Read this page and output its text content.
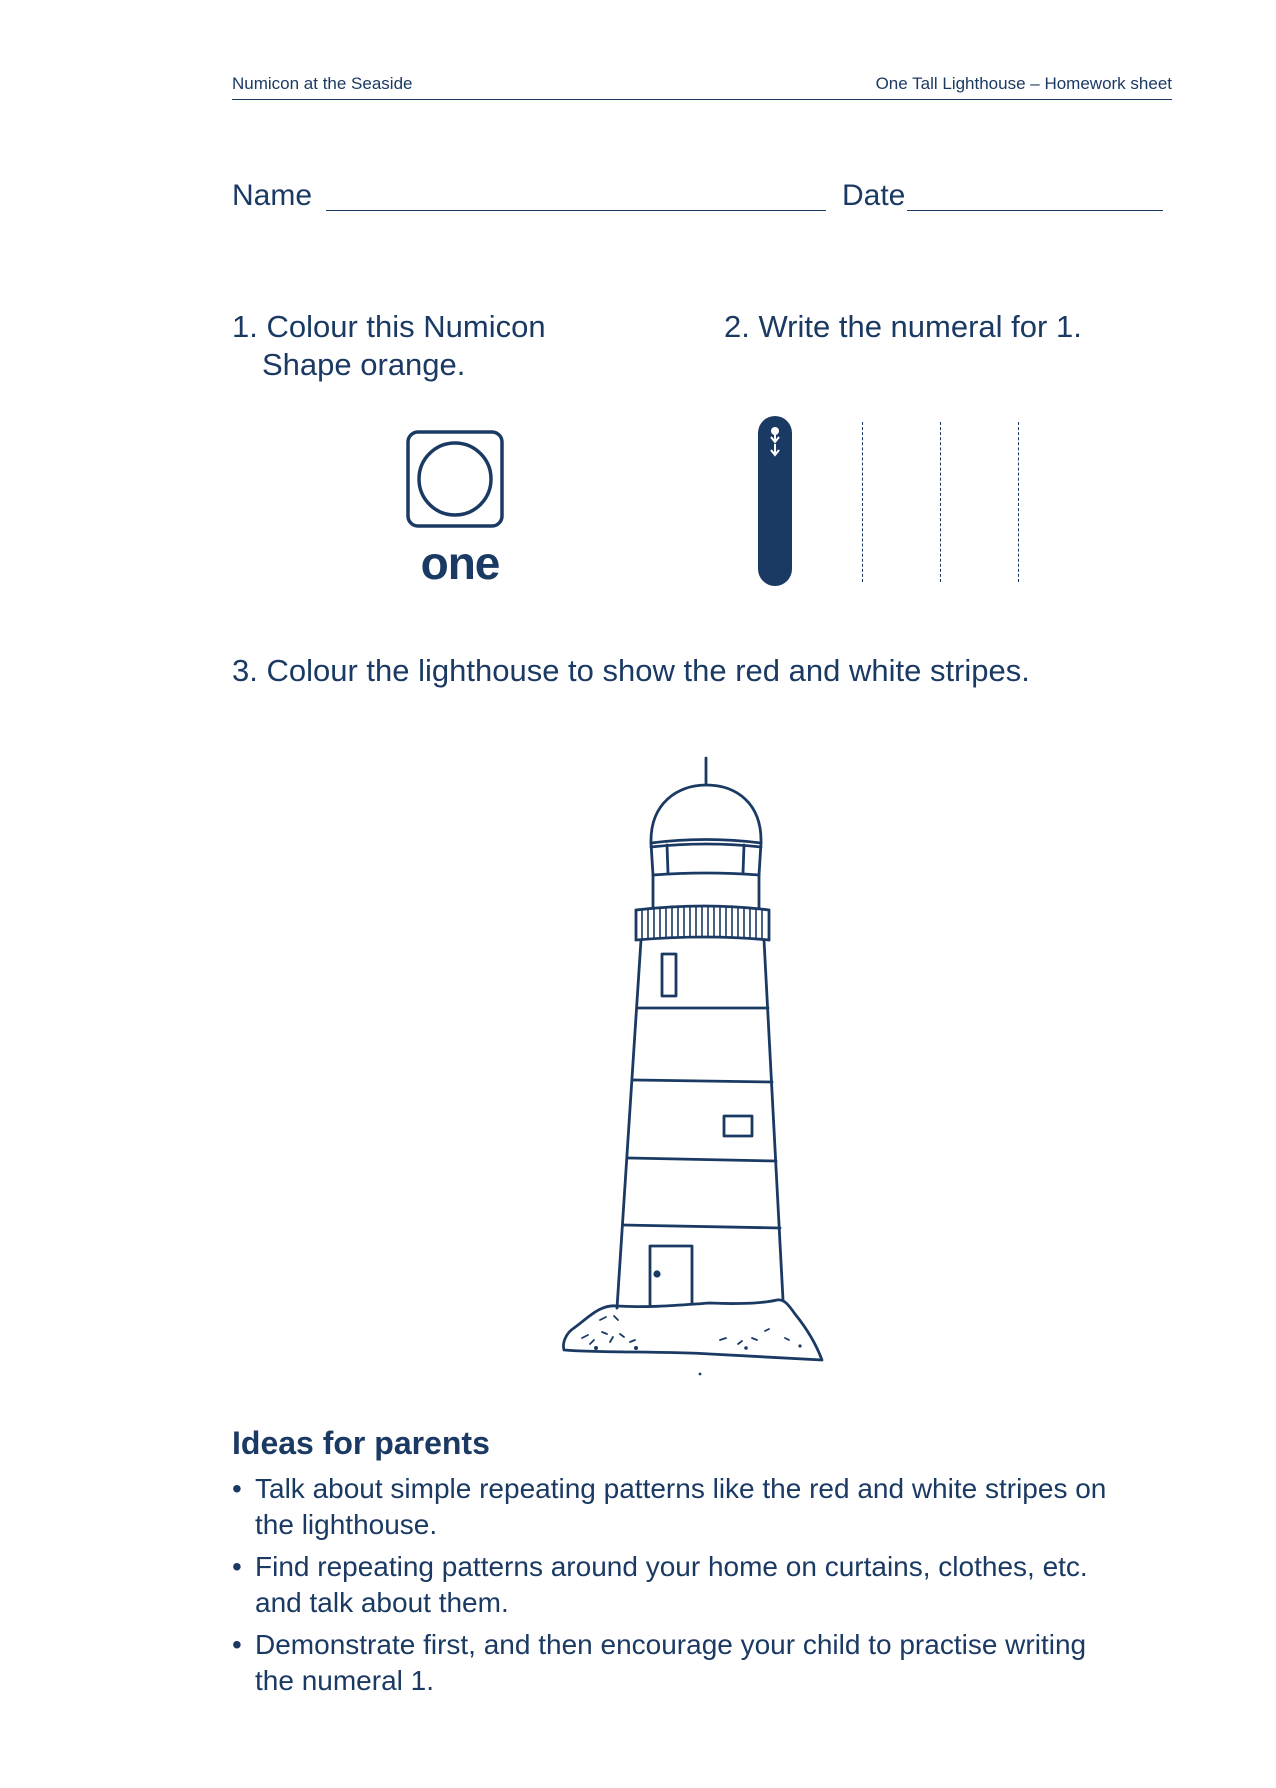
Numicon at the Seaside	One Tall Lighthouse – Homework sheet
Name	Date
1. Colour this Numicon
Shape orange.
one
2. Write the numeral for 1.
3. Colour the lighthouse to show the red and white stripes.
Ideas for parents
• Talk about simple repeating patterns like the red and white stripes on the lighthouse.
• Find repeating patterns around your home on curtains, clothes, etc. and talk about them.
• Demonstrate first, and then encourage your child to practise writing the numeral 1.
